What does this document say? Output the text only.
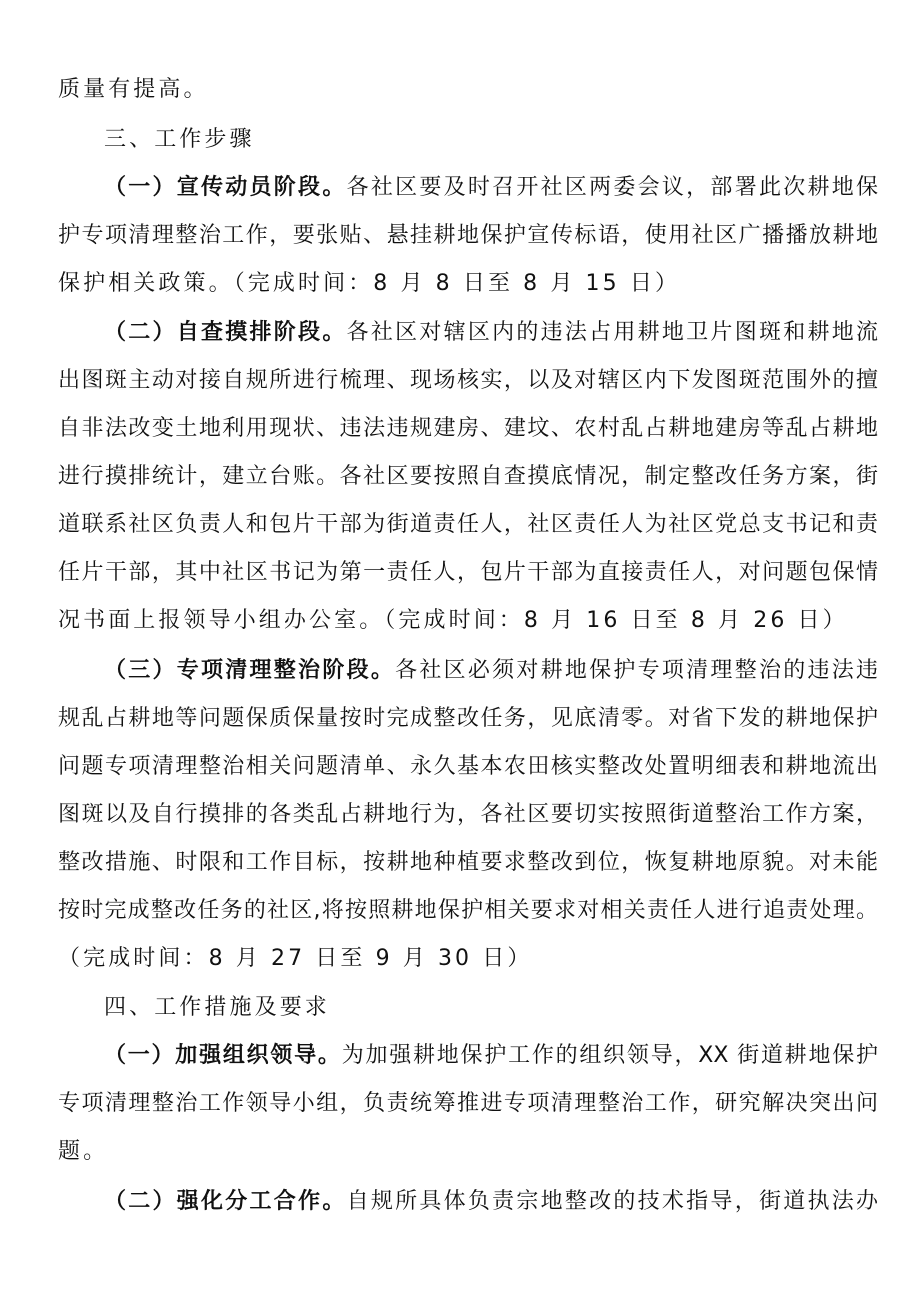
质量有提高。
三、工作步骤
（一）宣传动员阶段。各社区要及时召开社区两委会议，部署此次耕地保
护专项清理整治工作，要张贴、悬挂耕地保护宣传标语，使用社区广播播放耕地
保护相关政策。（完成时间：8 月 8 日至 8 月 15 日）
（二）自查摸排阶段。各社区对辖区内的违法占用耕地卫片图斑和耕地流
出图斑主动对接自规所进行梳理、现场核实，以及对辖区内下发图斑范围外的擅
自非法改变土地利用现状、违法违规建房、建坟、农村乱占耕地建房等乱占耕地
进行摸排统计，建立台账。各社区要按照自查摸底情况，制定整改任务方案，街
道联系社区负责人和包片干部为街道责任人，社区责任人为社区党总支书记和责
任片干部，其中社区书记为第一责任人，包片干部为直接责任人，对问题包保情
况书面上报领导小组办公室。（完成时间：8 月 16 日至 8 月 26 日）
（三）专项清理整治阶段。各社区必须对耕地保护专项清理整治的违法违
规乱占耕地等问题保质保量按时完成整改任务，见底清零。对省下发的耕地保护
问题专项清理整治相关问题清单、永久基本农田核实整改处置明细表和耕地流出
图斑以及自行摸排的各类乱占耕地行为，各社区要切实按照街道整治工作方案，
整改措施、时限和工作目标，按耕地种植要求整改到位，恢复耕地原貌。对未能
按时完成整改任务的社区,将按照耕地保护相关要求对相关责任人进行追责处理。
（完成时间：8 月 27 日至 9 月 30 日）
四、工作措施及要求
（一）加强组织领导。为加强耕地保护工作的组织领导，XX 街道耕地保护
专项清理整治工作领导小组，负责统筹推进专项清理整治工作，研究解决突出问
题。
（二）强化分工合作。自规所具体负责宗地整改的技术指导，街道执法办
